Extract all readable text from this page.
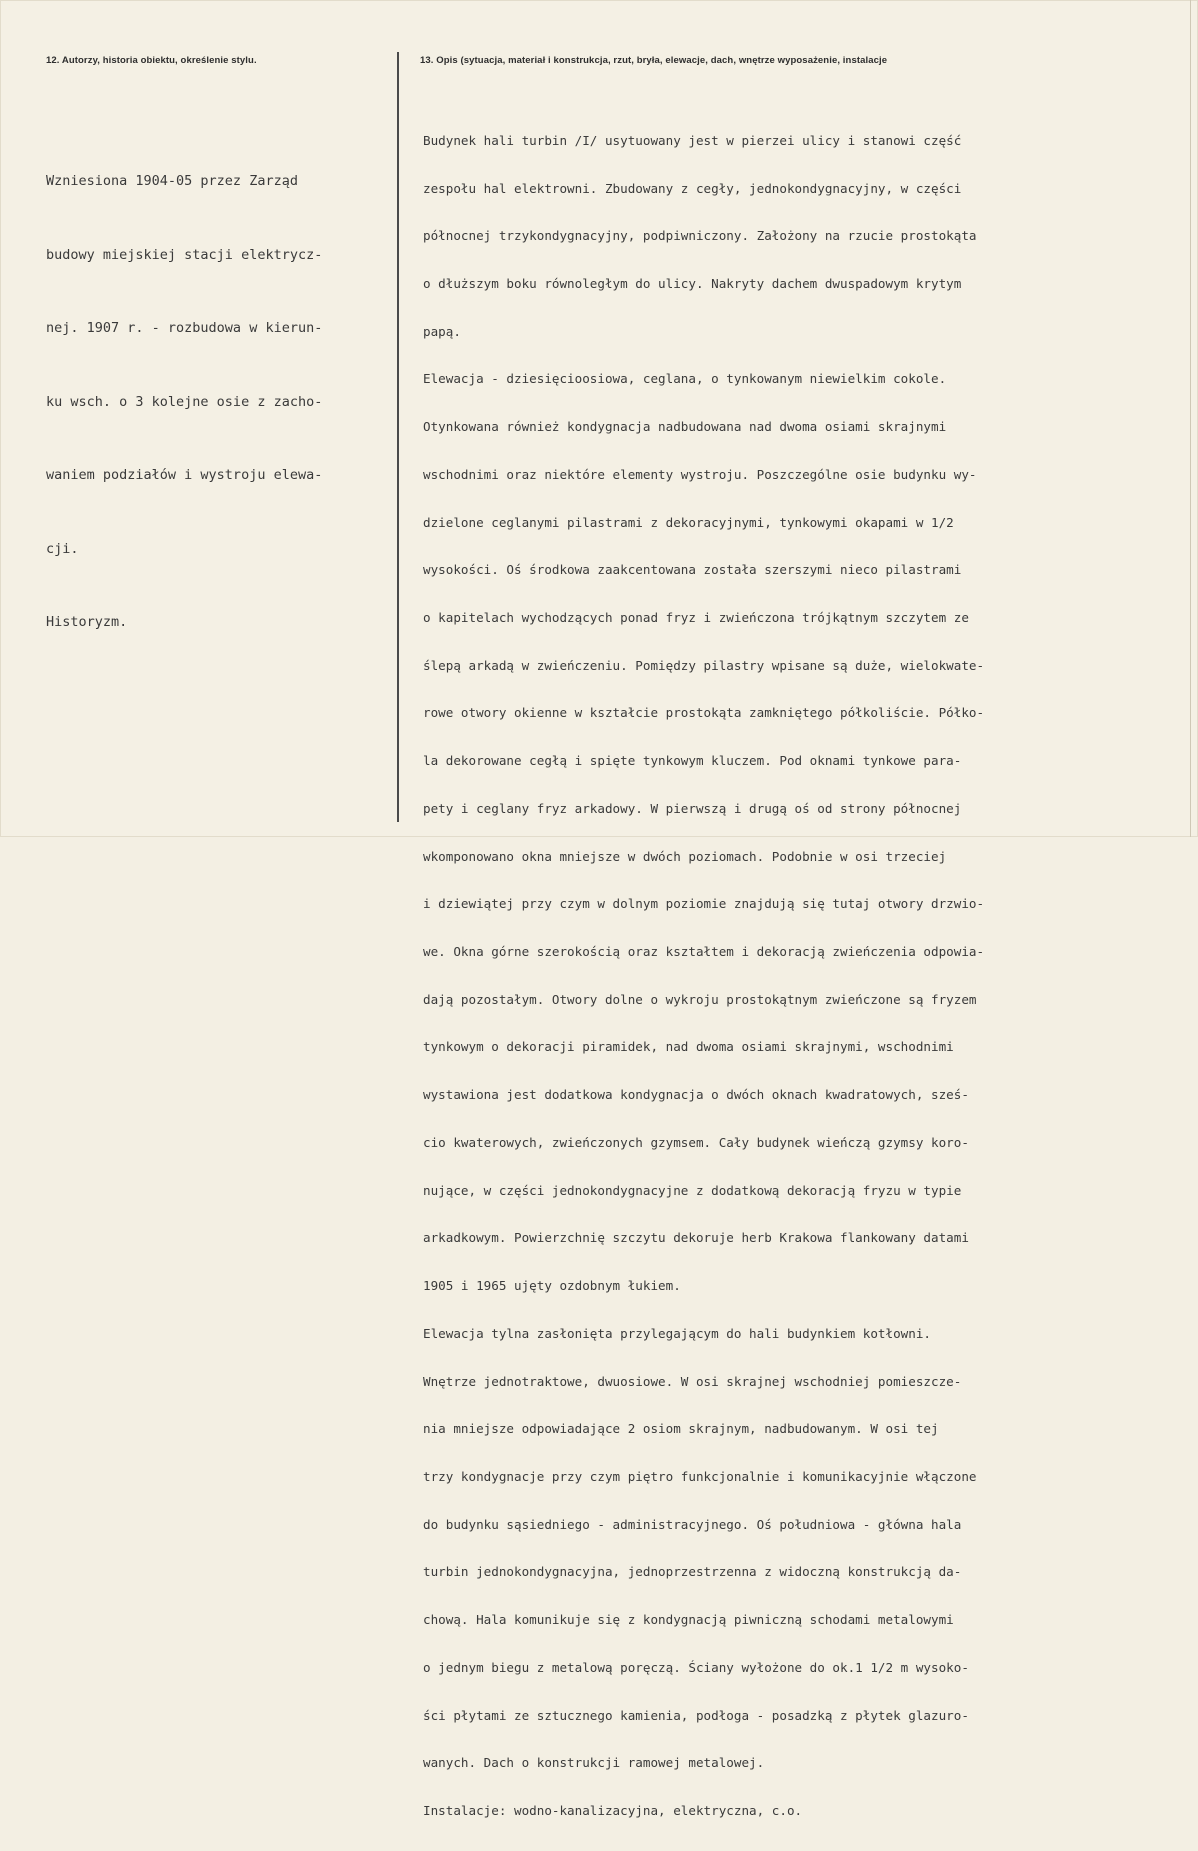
12. Autorzy, historia obiektu, określenie stylu.	13. Opis (sytuacja, materiał i konstrukcja, rzut, bryła, elewacje, dach, wnętrze wyposażenie, instalacje

Wzniesiona 1904-05 przez Zarząd

budowy miejskiej stacji elektrycz-

nej. 1907 r. - rozbudowa w kierun-

ku wsch. o 3 kolejne osie z zacho-

waniem podziałów i wystroju elewa-

cji.

Historyzm.

Budynek hali turbin /I/ usytuowany jest w pierzei ulicy i stanowi część

zespołu hal elektrowni. Zbudowany z cegły, jednokondygnacyjny, w części

północnej trzykondygnacyjny, podpiwniczony. Założony na rzucie prostokąta

o dłuższym boku równoległym do ulicy. Nakryty dachem dwuspadowym krytym

papą.

Elewacja - dziesięcioosiowa, ceglana, o tynkowanym niewielkim cokole.

Otynkowana również kondygnacja nadbudowana nad dwoma osiami skrajnymi

wschodnimi oraz niektóre elementy wystroju. Poszczególne osie budynku wy-

dzielone ceglanymi pilastrami z dekoracyjnymi, tynkowymi okapami w 1/2

wysokości. Oś środkowa zaakcentowana została szerszymi nieco pilastrami

o kapitelach wychodzących ponad fryz i zwieńczona trójkątnym szczytem ze

ślepą arkadą w zwieńczeniu. Pomiędzy pilastry wpisane są duże, wielokwate-

rowe otwory okienne w kształcie prostokąta zamkniętego półkoliście. Półko-

la dekorowane cegłą i spięte tynkowym kluczem. Pod oknami tynkowe para-

pety i ceglany fryz arkadowy. W pierwszą i drugą oś od strony północnej

wkomponowano okna mniejsze w dwóch poziomach. Podobnie w osi trzeciej

i dziewiątej przy czym w dolnym poziomie znajdują się tutaj otwory drzwio-

we. Okna górne szerokością oraz kształtem i dekoracją zwieńczenia odpowia-

dają pozostałym. Otwory dolne o wykroju prostokątnym zwieńczone są fryzem

tynkowym o dekoracji piramidek, nad dwoma osiami skrajnymi, wschodnimi

wystawiona jest dodatkowa kondygnacja o dwóch oknach kwadratowych, sześ-

cio kwaterowych, zwieńczonych gzymsem. Cały budynek wieńczą gzymsy koro-

nujące, w części jednokondygnacyjne z dodatkową dekoracją fryzu w typie

arkadkowym. Powierzchnię szczytu dekoruje herb Krakowa flankowany datami

1905 i 1965 ujęty ozdobnym łukiem.

Elewacja tylna zasłonięta przylegającym do hali budynkiem kotłowni.

Wnętrze jednotraktowe, dwuosiowe. W osi skrajnej wschodniej pomieszcze-

nia mniejsze odpowiadające 2 osiom skrajnym, nadbudowanym. W osi tej

trzy kondygnacje przy czym piętro funkcjonalnie i komunikacyjnie włączone

do budynku sąsiedniego - administracyjnego. Oś południowa - główna hala

turbin jednokondygnacyjna, jednoprzestrzenna z widoczną konstrukcją da-

chową. Hala komunikuje się z kondygnacją piwniczną schodami metalowymi

o jednym biegu z metalową poręczą. Ściany wyłożone do ok.1 1/2 m wysoko-

ści płytami ze sztucznego kamienia, podłoga - posadzką z płytek glazuro-

wanych. Dach o konstrukcji ramowej metalowej.

Instalacje: wodno-kanalizacyjna, elektryczna, c.o.
